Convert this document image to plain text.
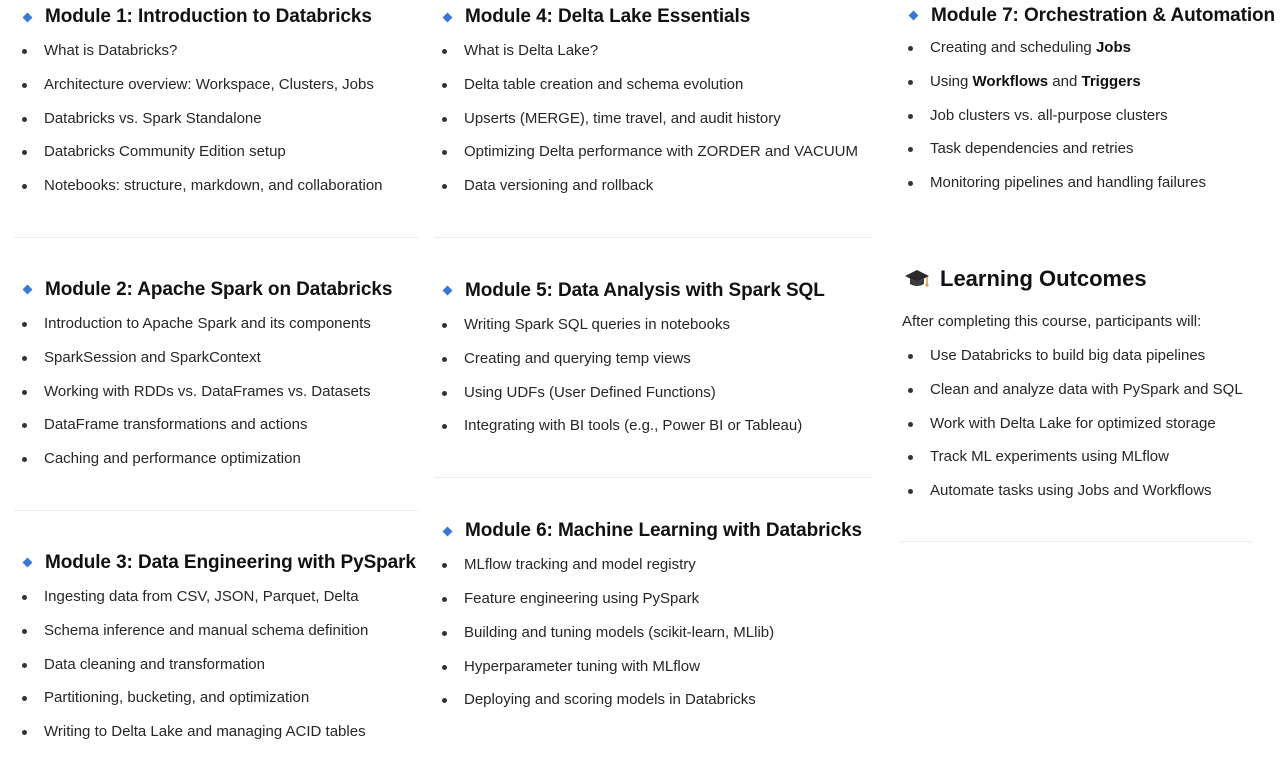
Module 1: Introduction to Databricks
What is Databricks?
Architecture overview: Workspace, Clusters, Jobs
Databricks vs. Spark Standalone
Databricks Community Edition setup
Notebooks: structure, markdown, and collaboration
Module 2: Apache Spark on Databricks
Introduction to Apache Spark and its components
SparkSession and SparkContext
Working with RDDs vs. DataFrames vs. Datasets
DataFrame transformations and actions
Caching and performance optimization
Module 3: Data Engineering with PySpark
Ingesting data from CSV, JSON, Parquet, Delta
Schema inference and manual schema definition
Data cleaning and transformation
Partitioning, bucketing, and optimization
Writing to Delta Lake and managing ACID tables
Module 4: Delta Lake Essentials
What is Delta Lake?
Delta table creation and schema evolution
Upserts (MERGE), time travel, and audit history
Optimizing Delta performance with ZORDER and VACUUM
Data versioning and rollback
Module 5: Data Analysis with Spark SQL
Writing Spark SQL queries in notebooks
Creating and querying temp views
Using UDFs (User Defined Functions)
Integrating with BI tools (e.g., Power BI or Tableau)
Module 6: Machine Learning with Databricks
MLflow tracking and model registry
Feature engineering using PySpark
Building and tuning models (scikit-learn, MLlib)
Hyperparameter tuning with MLflow
Deploying and scoring models in Databricks
Module 7: Orchestration & Automation
Creating and scheduling Jobs
Using Workflows and Triggers
Job clusters vs. all-purpose clusters
Task dependencies and retries
Monitoring pipelines and handling failures
Learning Outcomes
After completing this course, participants will:
Use Databricks to build big data pipelines
Clean and analyze data with PySpark and SQL
Work with Delta Lake for optimized storage
Track ML experiments using MLflow
Automate tasks using Jobs and Workflows
